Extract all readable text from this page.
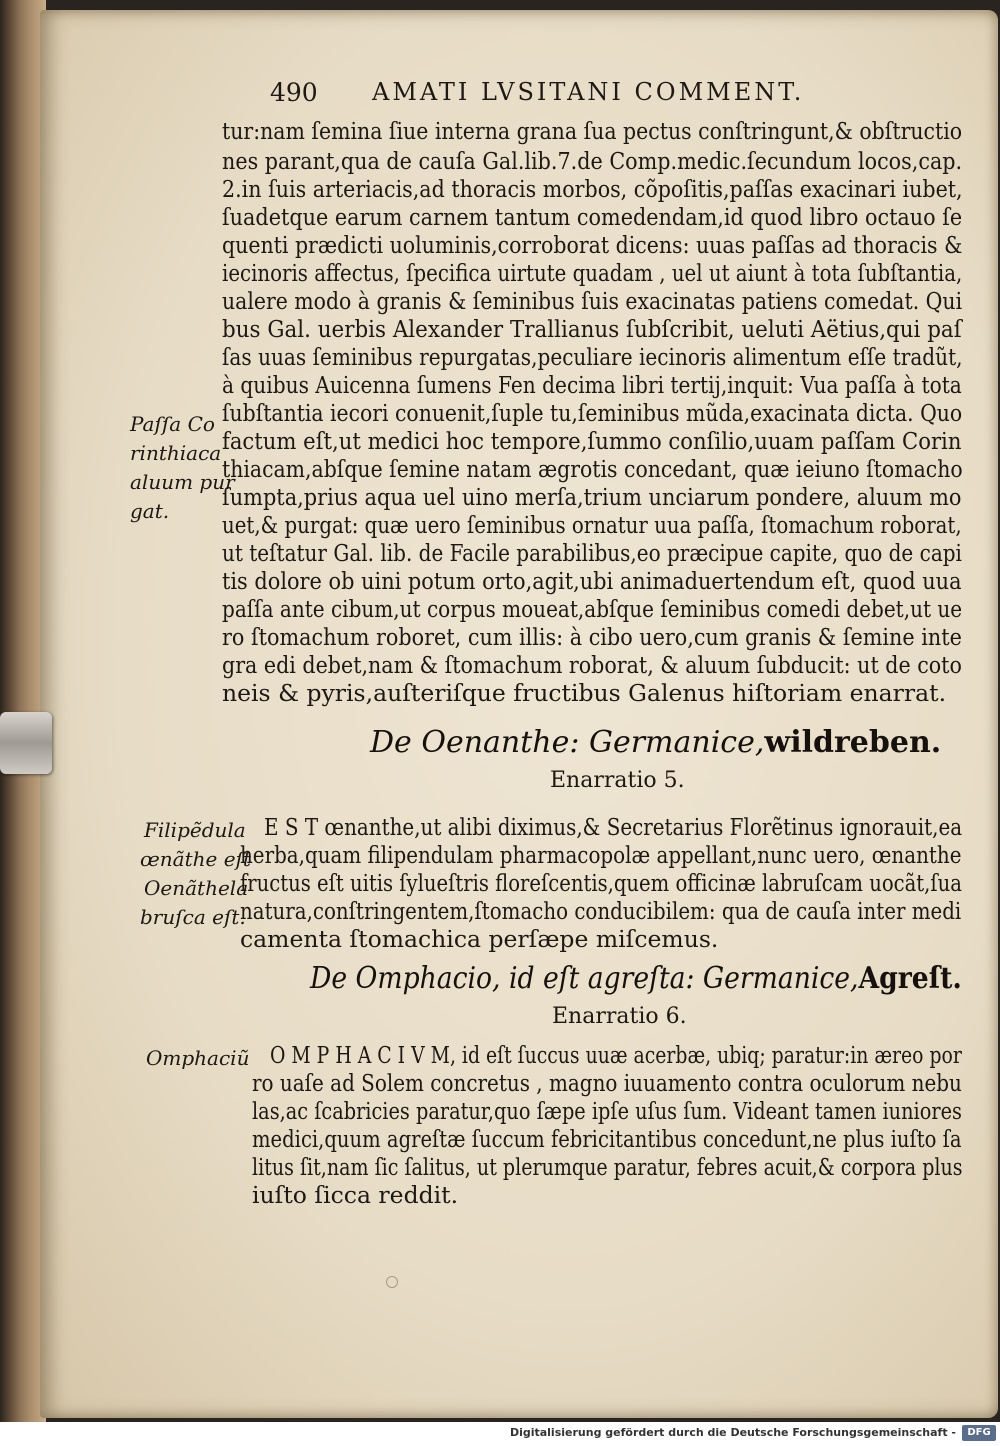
490 AMATI LVSITANI COMMENT.
tur:nam ſemina ſiue interna grana ſua pectus conſtringunt,& obſtructio
nes parant,qua de cauſa Gal.lib.7.de Comp.medic.ſecundum locos,cap.
2.in ſuis arteriacis,ad thoracis morbos, cõpoſitis,paſſas exacinari iubet,
ſuadetque earum carnem tantum comedendam,id quod libro octauo ſe
quenti prædicti uoluminis,corroborat dicens: uuas paſſas ad thoracis &
iecinoris affectus, ſpecifica uirtute quadam , uel ut aiunt à tota ſubſtantia,
ualere modo à granis & ſeminibus ſuis exacinatas patiens comedat. Qui
bus Gal. uerbis Alexander Trallianus ſubſcribit, ueluti Aëtius,qui paſ
ſas uuas ſeminibus repurgatas,peculiare iecinoris alimentum eſſe tradũt,
à quibus Auicenna ſumens Fen decima libri tertij,inquit: Vua paſſa à tota
ſubſtantia iecori conuenit,ſuple tu,ſeminibus mũda,exacinata dicta. Quo
factum eſt,ut medici hoc tempore,ſummo conſilio,uuam paſſam Corin
thiacam,abſque ſemine natam ægrotis concedant, quæ ieiuno ſtomacho
ſumpta,prius aqua uel uino merſa,trium unciarum pondere, aluum mo
uet,& purgat: quæ uero ſeminibus ornatur uua paſſa, ſtomachum roborat,
ut teſtatur Gal. lib. de Facile parabilibus,eo præcipue capite, quo de capi
tis dolore ob uini potum orto,agit,ubi animaduertendum eſt, quod uua
paſſa ante cibum,ut corpus moueat,abſque ſeminibus comedi debet,ut ue
ro ſtomachum roboret, cum illis: à cibo uero,cum granis & ſemine inte
gra edi debet,nam & ſtomachum roborat, & aluum ſubducit: ut de coto
neis & pyris,auſteriſque fructibus Galenus hiſtoriam enarrat.
Paſſa Co
rinthiaca
aluum pur
gat.
De Oenanthe: Germanice,wildreben.
Enarratio 5.
E S T œnanthe,ut alibi diximus,& Secretarius Florẽtinus ignorauit,ea
herba,quam filipendulam pharmacopolæ appellant,nunc uero, œnanthe
fructus eſt uitis ſylueſtris floreſcentis,quem officinæ labruſcam uocãt,ſua
natura,conſtringentem,ſtomacho conducibilem: qua de cauſa inter medi
camenta ſtomachica perſæpe miſcemus.
Filipẽdula
œnãthe eſt
Oenãthela
bruſca eſt.
De Omphacio, id eſt agreſta: Germanice,Agreſt.
Enarratio 6.
O M P H A C I V M, id eſt ſuccus uuæ acerbæ, ubiq; paratur:in æreo por
ro uaſe ad Solem concretus , magno iuuamento contra oculorum nebu
las,ac ſcabricies paratur,quo ſæpe ipſe uſus ſum. Videant tamen iuniores
medici,quum agreſtæ ſuccum febricitantibus concedunt,ne plus iuſto ſa
litus ſit,nam ſic ſalitus, ut plerumque paratur, febres acuit,& corpora plus
iuſto ſicca reddit.
Omphaciũ
Digitalisierung gefördert durch die Deutsche Forschungsgemeinschaft -	DFG
